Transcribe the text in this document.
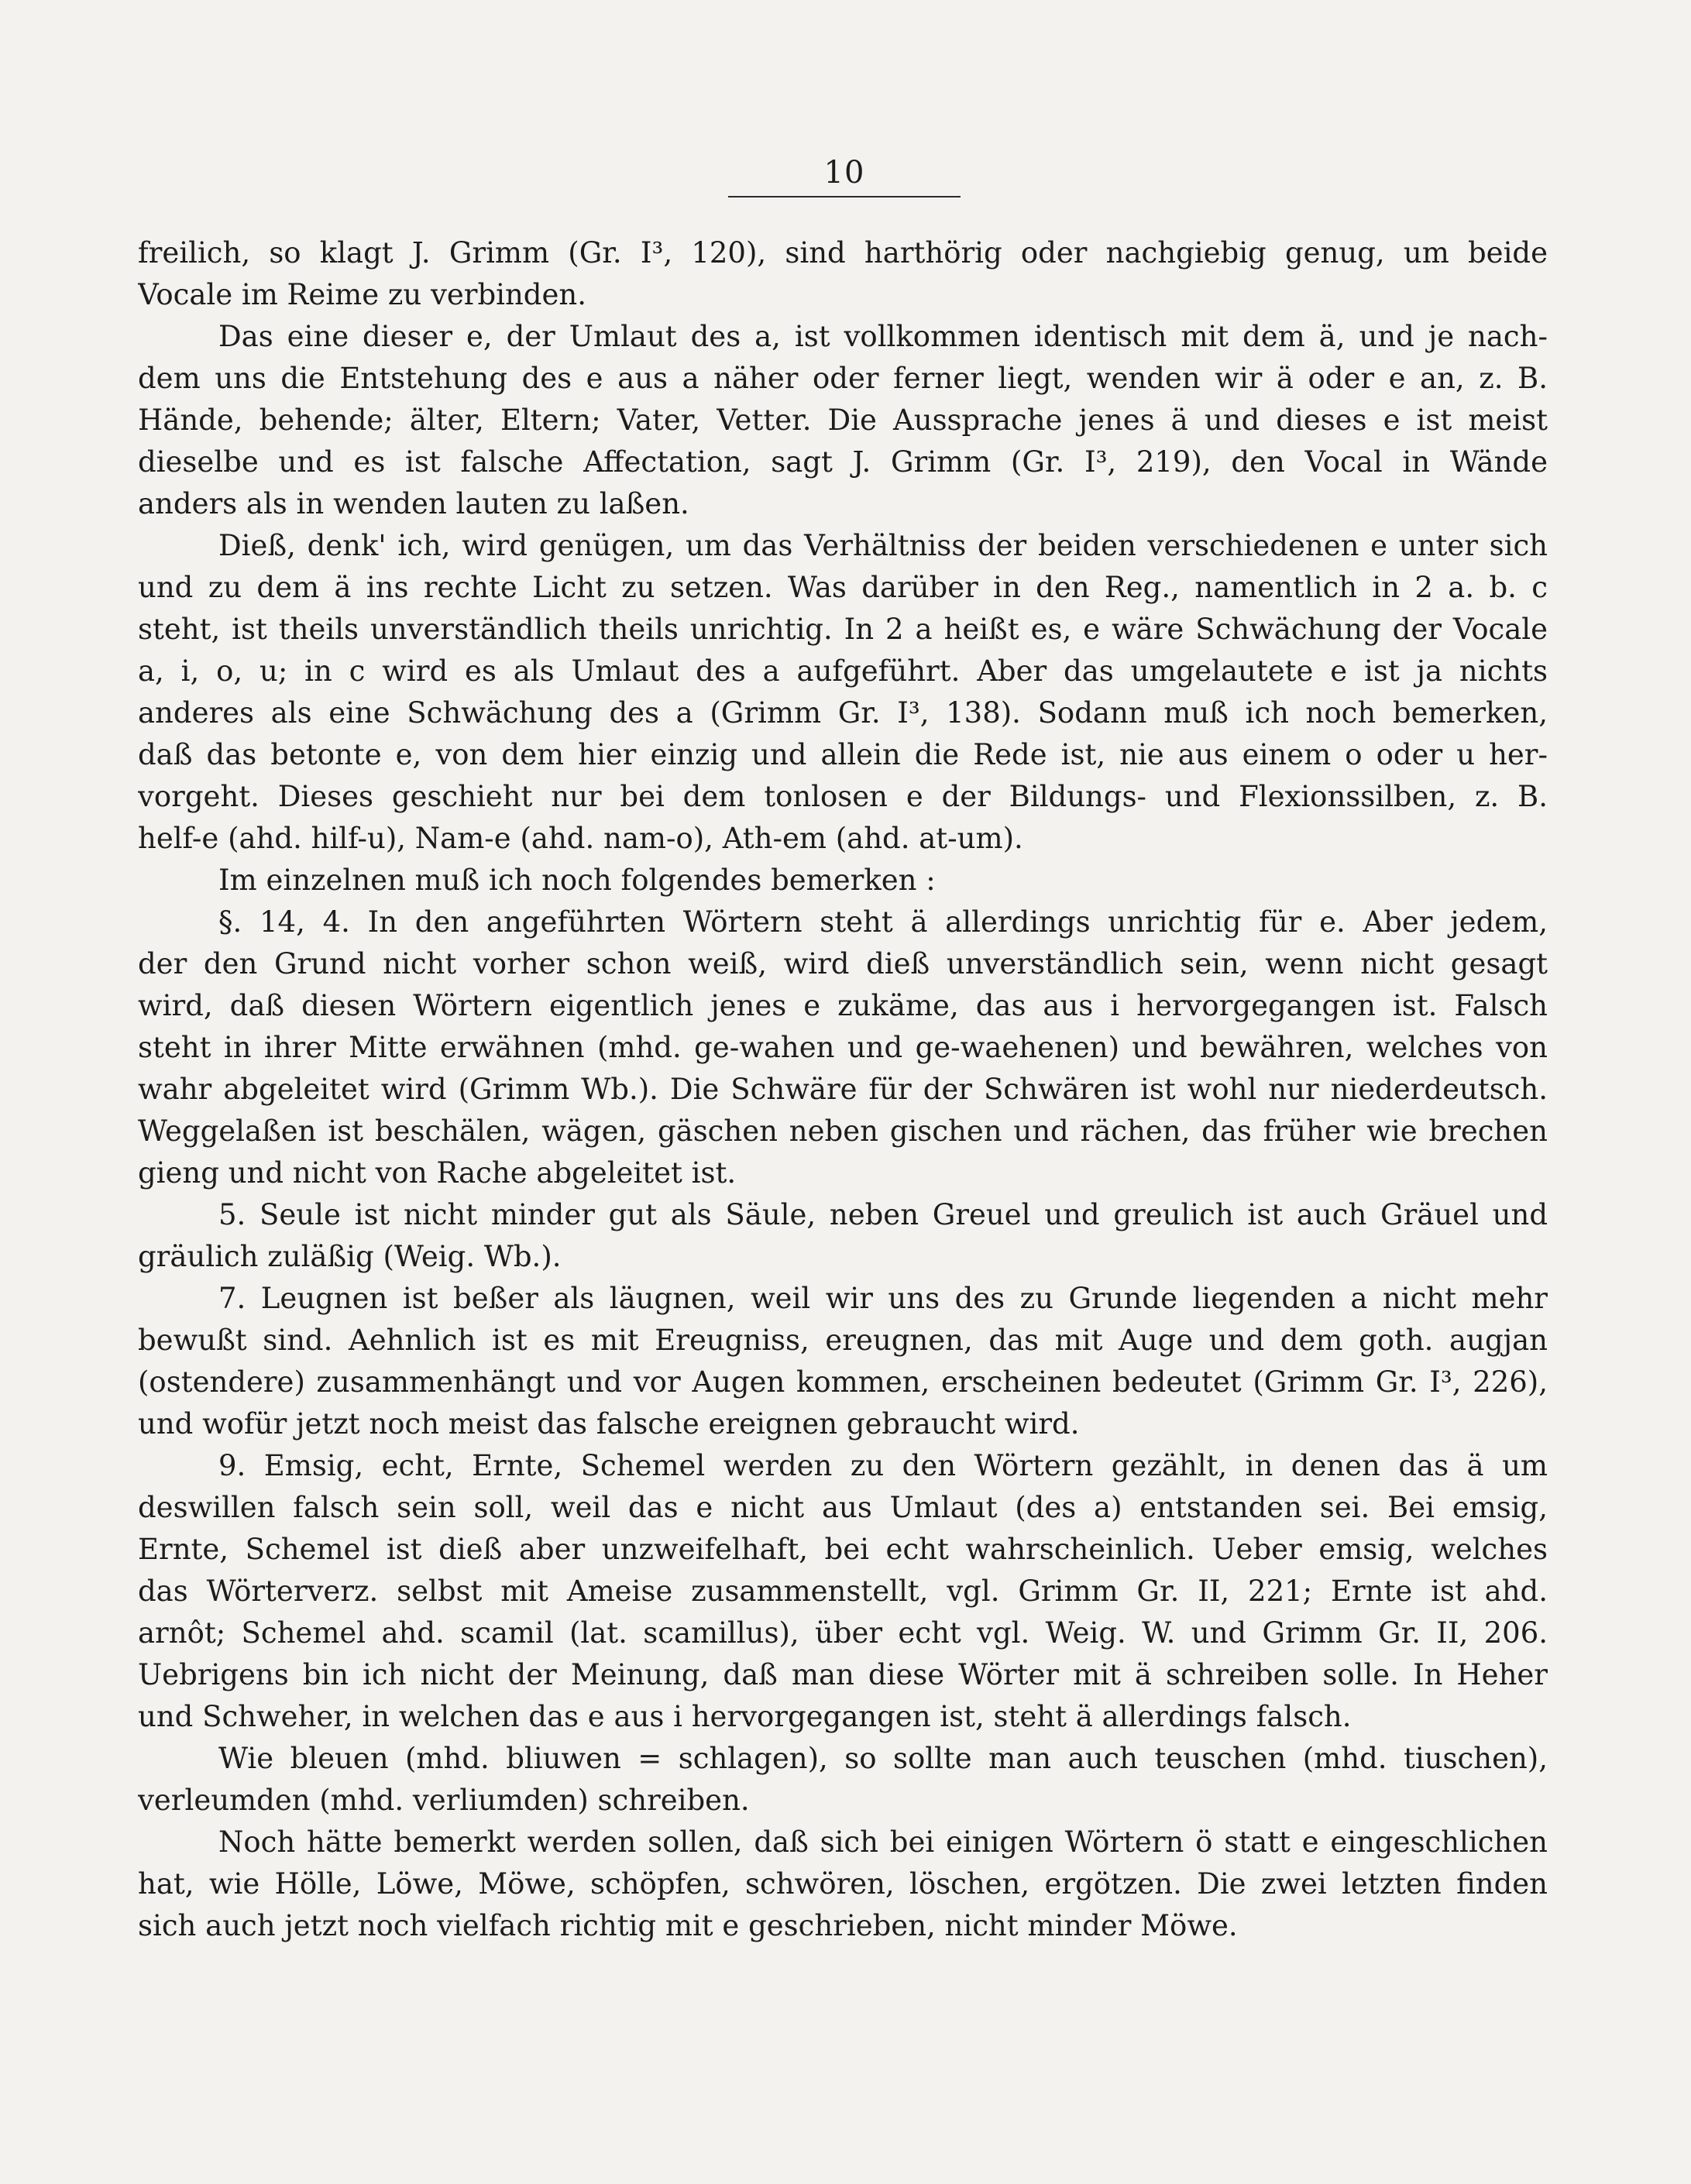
10
freilich, so klagt J. Grimm (Gr. I³, 120), sind harthörig oder nachgiebig genug, um beide
Vocale im Reime zu verbinden.
Das eine dieser e, der Umlaut des a, ist vollkommen identisch mit dem ä, und je nach-
dem uns die Entstehung des e aus a näher oder ferner liegt, wenden wir ä oder e an, z. B.
Hände, behende; älter, Eltern; Vater, Vetter. Die Aussprache jenes ä und dieses e ist meist
dieselbe und es ist falsche Affectation, sagt J. Grimm (Gr. I³, 219), den Vocal in Wände
anders als in wenden lauten zu laßen.
Dieß, denk' ich, wird genügen, um das Verhältniss der beiden verschiedenen e unter sich
und zu dem ä ins rechte Licht zu setzen. Was darüber in den Reg., namentlich in 2 a. b. c
steht, ist theils unverständlich theils unrichtig. In 2 a heißt es, e wäre Schwächung der Vocale
a, i, o, u; in c wird es als Umlaut des a aufgeführt. Aber das umgelautete e ist ja nichts
anderes als eine Schwächung des a (Grimm Gr. I³, 138). Sodann muß ich noch bemerken,
daß das betonte e, von dem hier einzig und allein die Rede ist, nie aus einem o oder u her-
vorgeht. Dieses geschieht nur bei dem tonlosen e der Bildungs- und Flexionssilben, z. B.
helf-e (ahd. hilf-u), Nam-e (ahd. nam-o), Ath-em (ahd. at-um).
Im einzelnen muß ich noch folgendes bemerken :
§. 14, 4. In den angeführten Wörtern steht ä allerdings unrichtig für e. Aber jedem,
der den Grund nicht vorher schon weiß, wird dieß unverständlich sein, wenn nicht gesagt
wird, daß diesen Wörtern eigentlich jenes e zukäme, das aus i hervorgegangen ist. Falsch
steht in ihrer Mitte erwähnen (mhd. ge-wahen und ge-waehenen) und bewähren, welches von
wahr abgeleitet wird (Grimm Wb.). Die Schwäre für der Schwären ist wohl nur niederdeutsch.
Weggelaßen ist beschälen, wägen, gäschen neben gischen und rächen, das früher wie brechen
gieng und nicht von Rache abgeleitet ist.
5. Seule ist nicht minder gut als Säule, neben Greuel und greulich ist auch Gräuel und
gräulich zuläßig (Weig. Wb.).
7. Leugnen ist beßer als läugnen, weil wir uns des zu Grunde liegenden a nicht mehr
bewußt sind. Aehnlich ist es mit Ereugniss, ereugnen, das mit Auge und dem goth. augjan
(ostendere) zusammenhängt und vor Augen kommen, erscheinen bedeutet (Grimm Gr. I³, 226),
und wofür jetzt noch meist das falsche ereignen gebraucht wird.
9. Emsig, echt, Ernte, Schemel werden zu den Wörtern gezählt, in denen das ä um
deswillen falsch sein soll, weil das e nicht aus Umlaut (des a) entstanden sei. Bei emsig,
Ernte, Schemel ist dieß aber unzweifelhaft, bei echt wahrscheinlich. Ueber emsig, welches
das Wörterverz. selbst mit Ameise zusammenstellt, vgl. Grimm Gr. II, 221; Ernte ist ahd.
arnôt; Schemel ahd. scamil (lat. scamillus), über echt vgl. Weig. W. und Grimm Gr. II, 206.
Uebrigens bin ich nicht der Meinung, daß man diese Wörter mit ä schreiben solle. In Heher
und Schweher, in welchen das e aus i hervorgegangen ist, steht ä allerdings falsch.
Wie bleuen (mhd. bliuwen = schlagen), so sollte man auch teuschen (mhd. tiuschen),
verleumden (mhd. verliumden) schreiben.
Noch hätte bemerkt werden sollen, daß sich bei einigen Wörtern ö statt e eingeschlichen
hat, wie Hölle, Löwe, Möwe, schöpfen, schwören, löschen, ergötzen. Die zwei letzten finden
sich auch jetzt noch vielfach richtig mit e geschrieben, nicht minder Möwe.
